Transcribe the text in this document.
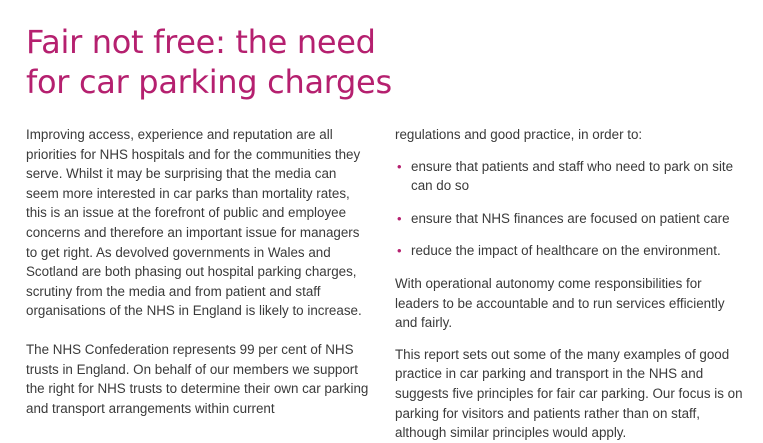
Fair not free: the need
for car parking charges

Improving access, experience and reputation are all priorities for NHS hospitals and for the communities they serve. Whilst it may be surprising that the media can seem more interested in car parks than mortality rates, this is an issue at the forefront of public and employee concerns and therefore an important issue for managers to get right. As devolved governments in Wales and Scotland are both phasing out hospital parking charges, scrutiny from the media and from patient and staff organisations of the NHS in England is likely to increase.

The NHS Confederation represents 99 per cent of NHS trusts in England. On behalf of our members we support the right for NHS trusts to determine their own car parking and transport arrangements within current

regulations and good practice, in order to:

• ensure that patients and staff who need to park on site can do so
• ensure that NHS finances are focused on patient care
• reduce the impact of healthcare on the environment.

With operational autonomy come responsibilities for leaders to be accountable and to run services efficiently and fairly.

This report sets out some of the many examples of good practice in car parking and transport in the NHS and suggests five principles for fair car parking. Our focus is on parking for visitors and patients rather than on staff, although similar principles would apply.
